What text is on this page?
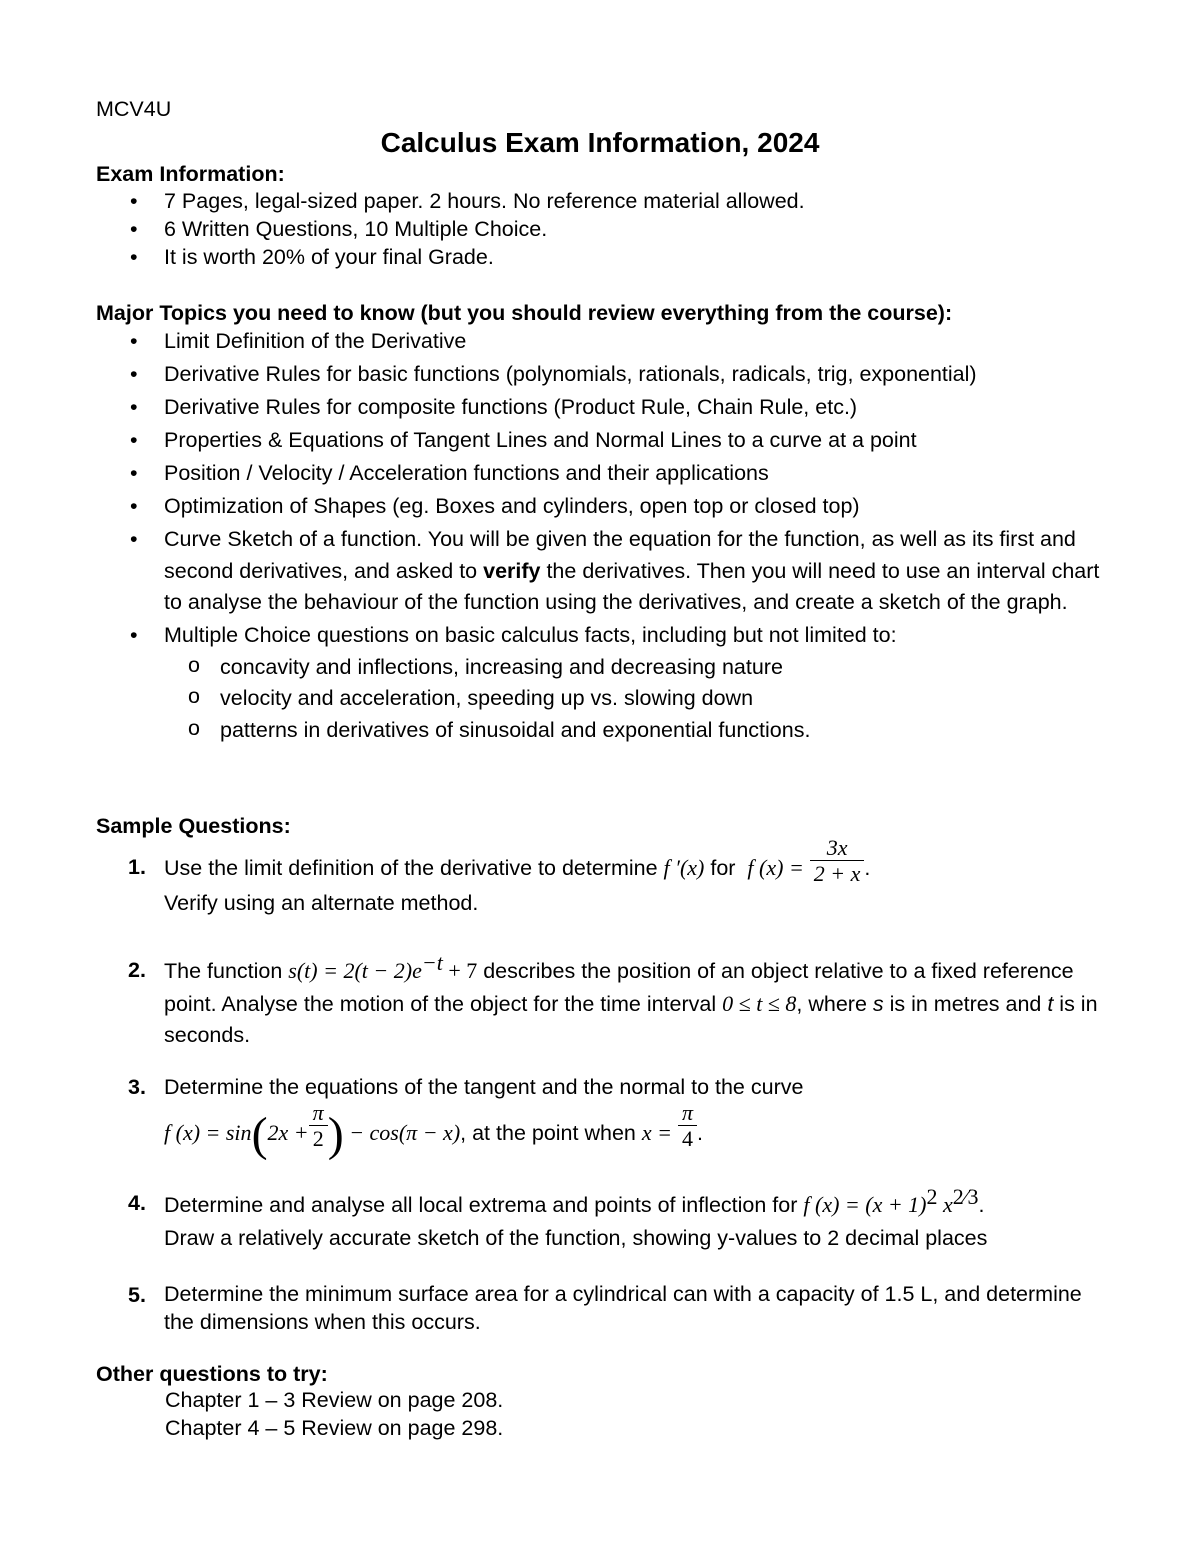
MCV4U
Calculus Exam Information, 2024
Exam Information:
• 7 Pages, legal-sized paper. 2 hours. No reference material allowed.
• 6 Written Questions, 10 Multiple Choice.
• It is worth 20% of your final Grade.
Major Topics you need to know (but you should review everything from the course):
• Limit Definition of the Derivative
• Derivative Rules for basic functions (polynomials, rationals, radicals, trig, exponential)
• Derivative Rules for composite functions (Product Rule, Chain Rule, etc.)
• Properties & Equations of Tangent Lines and Normal Lines to a curve at a point
• Position / Velocity / Acceleration functions and their applications
• Optimization of Shapes (eg. Boxes and cylinders, open top or closed top)
• Curve Sketch of a function. You will be given the equation for the function, as well as its first and second derivatives, and asked to verify the derivatives. Then you will need to use an interval chart to analyse the behaviour of the function using the derivatives, and create a sketch of the graph.
• Multiple Choice questions on basic calculus facts, including but not limited to:
o concavity and inflections, increasing and decreasing nature
o velocity and acceleration, speeding up vs. slowing down
o patterns in derivatives of sinusoidal and exponential functions.
Sample Questions:
1. Use the limit definition of the derivative to determine f ′(x) for f $(x) = \frac{3x}{2 + x}$ .
Verify using an alternate method.
2. The function $s(t) = 2(t - 2)e^{-t} + 7$ describes the position of an object relative to a fixed reference point. Analyse the motion of the object for the time interval 0 ≤ t ≤ 8, where s is in metres and t is in seconds.
3. Determine the equations of the tangent and the normal to the curve
f $(x) = \sin(2x + \frac{\pi}{2}$ ) − cos(π − x), at the point when $x = \frac{\pi}{4}$ .
4. Determine and analyse all local extrema and points of inflection for f $(x) = (x + 1)^2$ $x^{2⁄3}$.
Draw a relatively accurate sketch of the function, showing y-values to 2 decimal places
5. Determine the minimum surface area for a cylindrical can with a capacity of 1.5 L, and determine the dimensions when this occurs.
Other questions to try:
Chapter 1 – 3 Review on page 208.
Chapter 4 – 5 Review on page 298.
